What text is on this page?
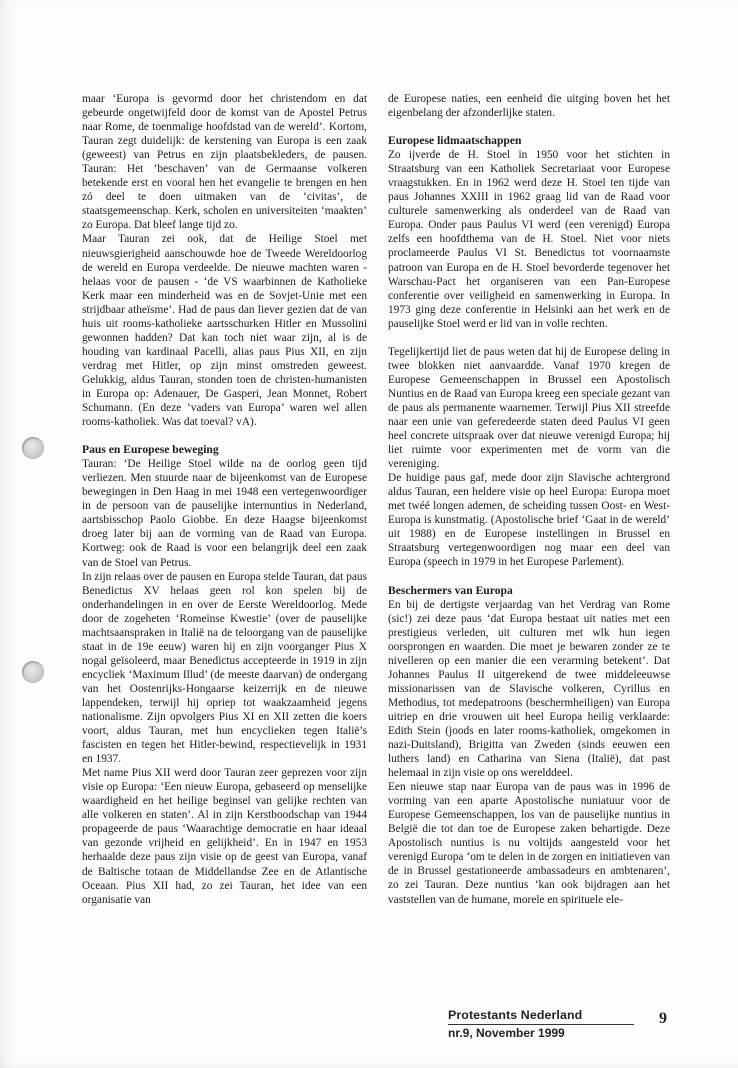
maar ‘Europa is gevormd door het christendom en dat gebeurde ongetwijfeld door de komst van de Apostel Petrus naar Rome, de toenmalige hoofdstad van de wereld’. Kortom, Tauran zegt duidelijk: de kerstening van Europa is een zaak (geweest) van Petrus en zijn plaatsbekleders, de pausen. Tauran: Het ‘beschaven’ van de Germaanse volkeren betekende erst en vooral hen het evangelie te brengen en hen zó deel te doen uitmaken van de ‘civitas’, de staatsgemeenschap. Kerk, scholen en universiteiten ‘maakten’ zo Europa. Dat bleef lange tijd zo.

Maar Tauran zei ook, dat de Heilige Stoel met nieuwsgierigheid aanschouwde hoe de Tweede Wereldoorlog de wereld en Europa verdeelde. De nieuwe machten waren - helaas voor de pausen - ‘de VS waarbinnen de Katholieke Kerk maar een minderheid was en de Sovjet-Unie met een strijdbaar atheïsme’. Had de paus dan liever gezien dat de van huis uit rooms-katholieke aartsschurken Hitler en Mussolini gewonnen hadden? Dat kan toch niet waar zijn, al is de houding van kardinaal Pacelli, alias paus Pius XII, en zijn verdrag met Hitler, op zijn minst omstreden geweest. Gelukkig, aldus Tauran, stonden toen de christen-humanisten in Europa op: Adenauer, De Gasperi, Jean Monnet, Robert Schumann. (En deze ‘vaders van Europa’ waren wel allen rooms-katholiek. Was dat toeval? vA).

Paus en Europese beweging

Tauran: ‘De Heilige Stoel wilde na de oorlog geen tijd verliezen. Men stuurde naar de bijeenkomst van de Europese bewegingen in Den Haag in mei 1948 een vertegenwoordiger in de persoon van de pauselijke internuntius in Nederland, aartsbisschop Paolo Giobbe. En deze Haagse bijeenkomst droeg later bij aan de vorming van de Raad van Europa. Kortweg: ook de Raad is voor een belangrijk deel een zaak van de Stoel van Petrus.

In zijn relaas over de pausen en Europa stelde Tauran, dat paus Benedictus XV helaas geen rol kon spelen bij de onderhandelingen in en over de Eerste Wereldoorlog. Mede door de zogeheten ‘Romeinse Kwestie’ (over de pauselijke machtsaanspraken in Italië na de teloorgang van de pauselijke staat in de 19e eeuw) waren hij en zijn voorganger Pius X nogal geïsoleerd, maar Benedictus accepteerde in 1919 in zijn encycliek ‘Maximum Illud’ (de meeste daarvan) de ondergang van het Oostenrijks-Hongaarse keizerrijk en de nieuwe lappendeken, terwijl hij opriep tot waakzaamheid jegens nationalisme. Zijn opvolgers Pius XI en XII zetten die koers voort, aldus Tauran, met hun encyclieken tegen Italië’s fascisten en tegen het Hitler-bewind, respectievelijk in 1931 en 1937.

Met name Pius XII werd door Tauran zeer geprezen voor zijn visie op Europa: ‘Een nieuw Europa, gebaseerd op menselijke waardigheid en het heilige beginsel van gelijke rechten van alle volkeren en staten’. Al in zijn Kerstboodschap van 1944 propageerde de paus ‘Waarachtige democratie en haar ideaal van gezonde vrijheid en gelijkheid’. En in 1947 en 1953 herhaalde deze paus zijn visie op de geest van Europa, vanaf de Baltische totaan de Middellandse Zee en de Atlantische Oceaan. Pius XII had, zo zei Tauran, het idee van een organisatie van

de Europese naties, een eenheid die uitging boven het het eigenbelang der afzonderlijke staten.

Europese lidmaatschappen

Zo ijverde de H. Stoel in 1950 voor het stichten in Straatsburg van een Katholiek Secretariaat voor Europese vraagstukken. En in 1962 werd deze H. Stoel ten tijde van paus Johannes XXIII in 1962 graag lid van de Raad voor culturele samenwerking als onderdeel van de Raad van Europa. Onder paus Paulus VI werd (een verenigd) Europa zelfs een hoofdthema van de H. Stoel. Niet voor niets proclameerde Paulus VI St. Benedictus tot voornaamste patroon van Europa en de H. Stoel bevorderde tegenover het Warschau-Pact het organiseren van een Pan-Europese conferentie over veiligheid en samenwerking in Europa. In 1973 ging deze conferentie in Helsinki aan het werk en de pauselijke Stoel werd er lid van in volle rechten.

Tegelijkertijd liet de paus weten dat hij de Europese deling in twee blokken niet aanvaardde. Vanaf 1970 kregen de Europese Gemeenschappen in Brussel een Apostolisch Nuntius en de Raad van Europa kreeg een speciale gezant van de paus als permanente waarnemer. Terwijl Pius XII streefde naar een unie van geferedeerde staten deed Paulus VI geen heel concrete uitspraak over dat nieuwe verenigd Europa; hij liet ruimte voor experimenten met de vorm van die vereniging.

De huidige paus gaf, mede door zijn Slavische achtergrond aldus Tauran, een heldere visie op heel Europa: Europa moet met twéé longen ademen, de scheiding tussen Oost- en West-Europa is kunstmatig. (Apostolische brief ‘Gaat in de wereld’ uit 1988) en de Europese instellingen in Brussel en Straatsburg vertegenwoordigen nog maar een deel van Europa (speech in 1979 in het Europese Parlement).

Beschermers van Europa

En bij de dertigste verjaardag van het Verdrag van Rome (sic!) zei deze paus ‘dat Europa bestaat uit naties met een prestigieus verleden, uit culturen met wlk hun iegen oorsprongen en waarden. Die moet je bewaren zonder ze te nivelleren op een manier die een verarming betekent’. Dat Johannes Paulus II uitgerekend de twee middeleeuwse missionarissen van de Slavische volkeren, Cyrillus en Methodius, tot medepatroons (beschermheiligen) van Europa uitriep en drie vrouwen uit heel Europa heilig verklaarde: Edith Stein (joods en later rooms-katholiek, omgekomen in nazi-Duitsland), Brigitta van Zweden (sinds eeuwen een luthers land) en Catharina van Siena (Italië), dat past helemaal in zijn visie op ons werelddeel.

Een nieuwe stap naar Europa van de paus was in 1996 de vorming van een aparte Apostolische nuniatuur voor de Europese Gemeenschappen, los van de pauselijke nuntius in België die tot dan toe de Europese zaken behartigde. Deze Apostolisch nuntius is nu voltijds aangesteld voor het verenigd Europa ‘om te delen in de zorgen en initiatieven van de in Brussel gestationeerde ambassadeurs en ambtenaren’, zo zei Tauran. Deze nuntius ‘kan ook bijdragen aan het vaststellen van de humane, morele en spirituele ele-

Protestants Nederland
nr.9, November 1999
9
